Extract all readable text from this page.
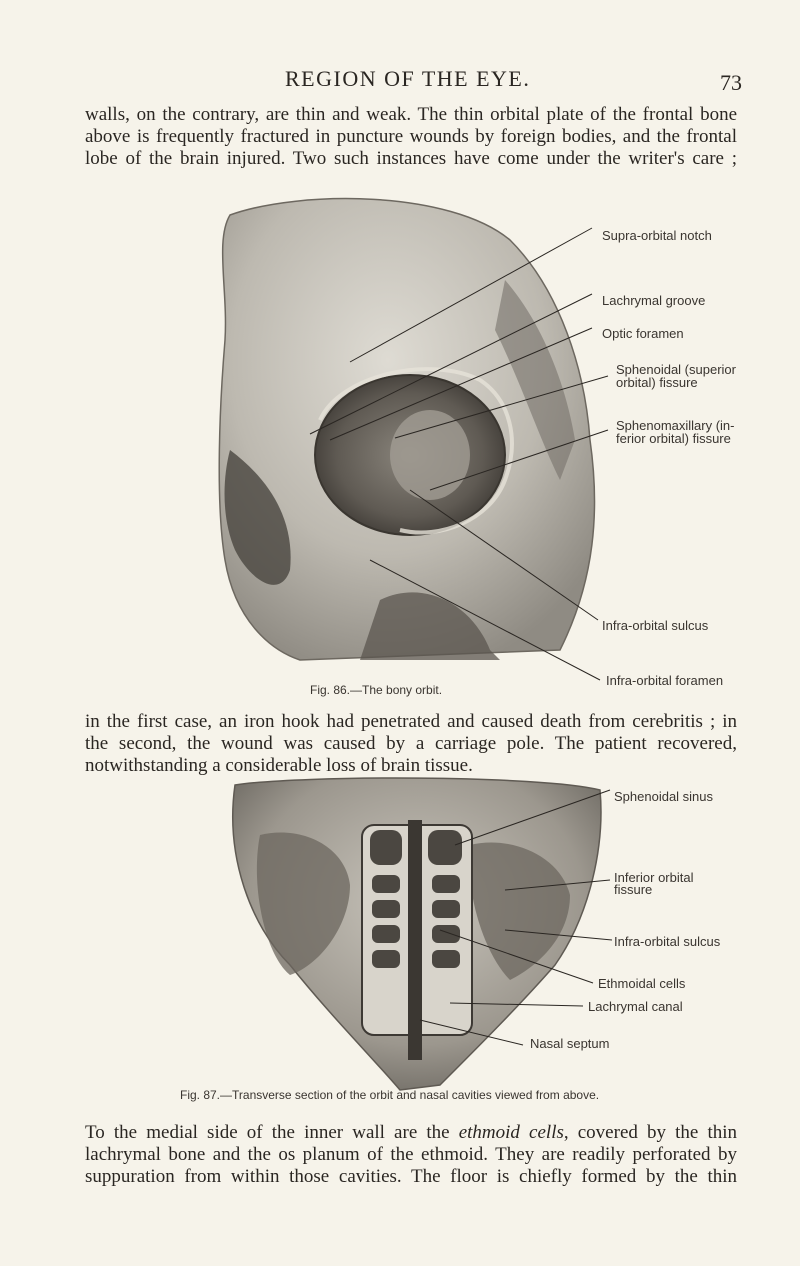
REGION OF THE EYE.	73

walls, on the contrary, are thin and weak. The thin orbital plate of the frontal bone
above is frequently fractured in puncture wounds by foreign bodies, and the frontal
lobe of the brain injured. Two such instances have come under the writer's care ;

Supra-orbital notch
Lachrymal groove
Optic foramen
Sphenoidal (superior
orbital) fissure
Sphenomaxillary (in-
ferior orbital) fissure
Infra-orbital sulcus
Infra-orbital foramen
Fig. 86.—The bony orbit.

in the first case, an iron hook had penetrated and caused death from cerebritis ; in
the second, the wound was caused by a carriage pole. The patient recovered,
notwithstanding a considerable loss of brain tissue.

Sphenoidal sinus
Inferior orbital
fissure
Infra-orbital sulcus
Ethmoidal cells
Lachrymal canal
Nasal septum
Fig. 87.—Transverse section of the orbit and nasal cavities viewed from above.

To the medial side of the inner wall are the ethmoid cells, covered by the thin
lachrymal bone and the os planum of the ethmoid. They are readily perforated by
suppuration from within those cavities. The floor is chiefly formed by the thin
